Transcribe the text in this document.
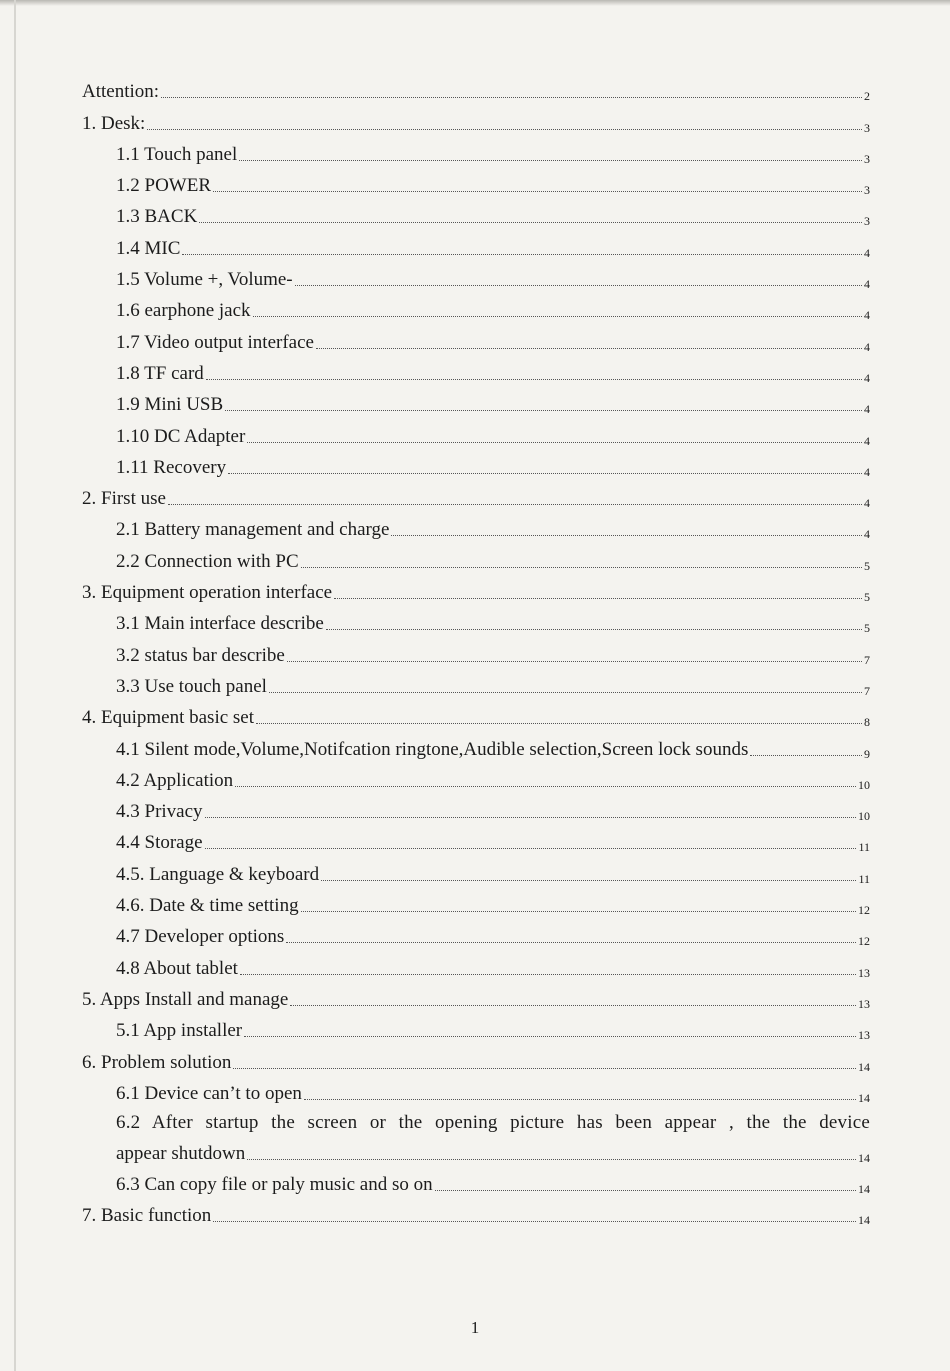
Attention:	2
1. Desk:	3
1.1 Touch panel	3
1.2 POWER	3
1.3 BACK	3
1.4 MIC	4
1.5 Volume +, Volume-	4
1.6 earphone jack	4
1.7 Video output interface	4
1.8 TF card	4
1.9 Mini USB	4
1.10 DC Adapter	4
1.11 Recovery	4
2. First use	4
2.1 Battery management and charge	4
2.2 Connection with PC	5
3. Equipment operation interface	5
3.1 Main interface describe	5
3.2 status bar describe	7
3.3 Use touch panel	7
4. Equipment basic set	8
4.1 Silent mode,Volume,Notifcation ringtone,Audible selection,Screen lock sounds	9
4.2 Application	10
4.3 Privacy	10
4.4 Storage	11
4.5. Language & keyboard	11
4.6. Date & time setting	12
4.7 Developer options	12
4.8 About tablet	13
5. Apps Install and manage	13
5.1 App installer	13
6. Problem solution	14
6.1 Device can’t to open	14
6.2 After startup the screen or the opening picture has been appear , the the device
appear shutdown	14
6.3 Can copy file or paly music and so on	14
7. Basic function	14
1
